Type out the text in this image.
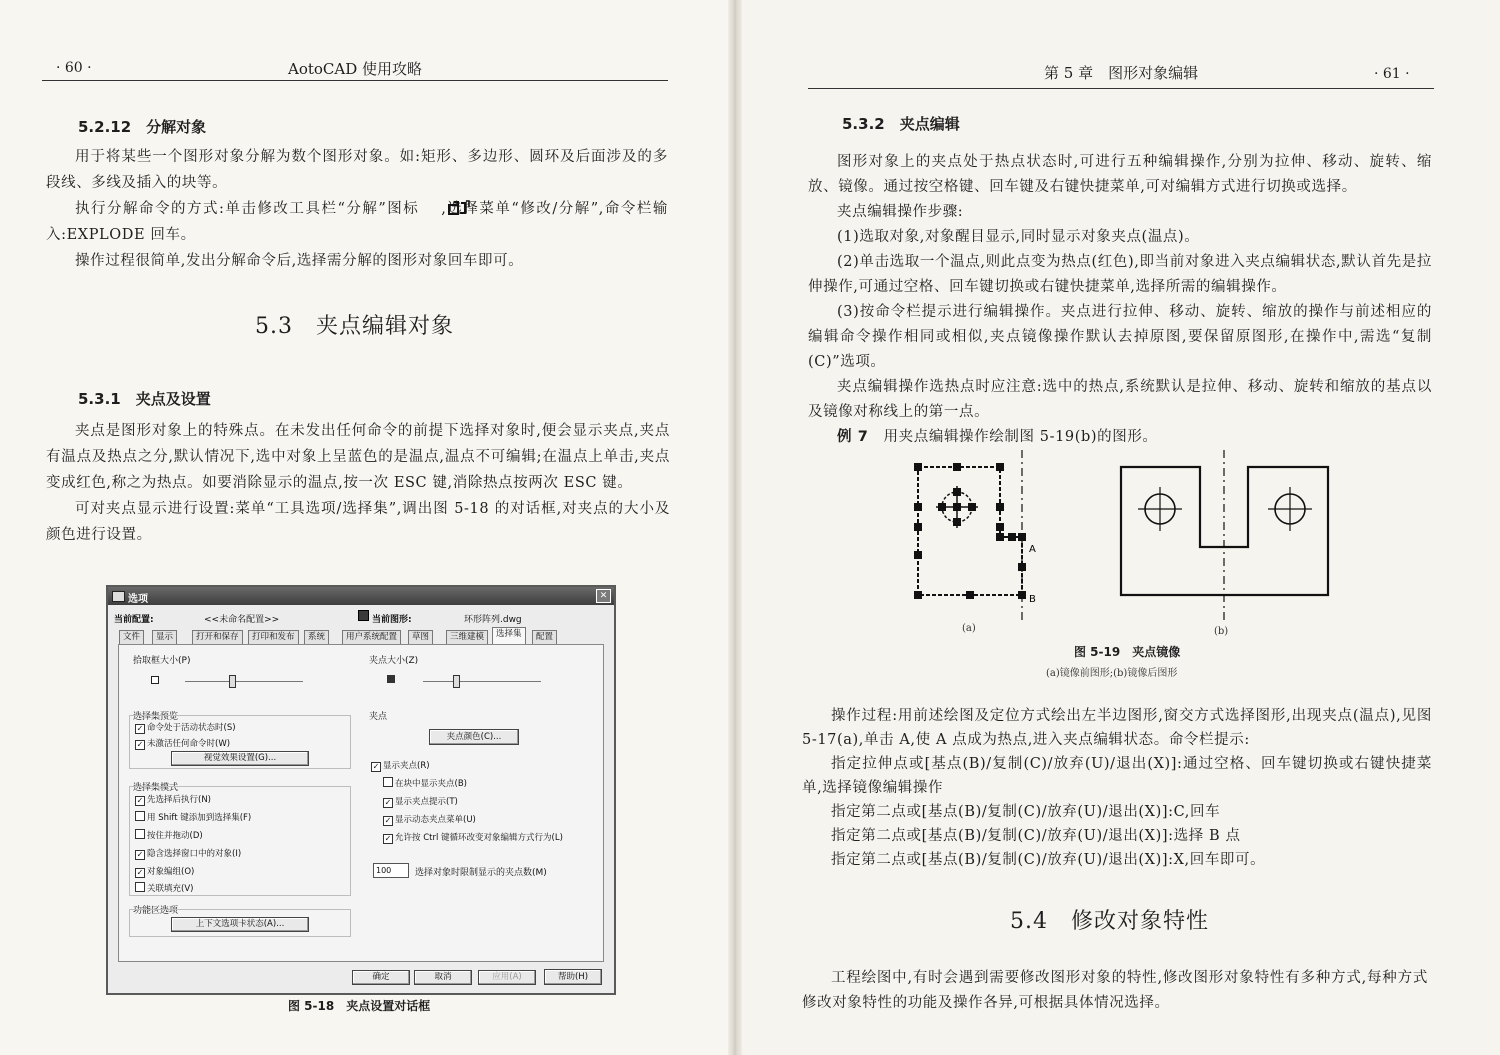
· 60 ·	AotoCAD 使用攻略
5.2.12　分解对象

用于将某些一个图形对象分解为数个图形对象。如:矩形、多边形、圆环及后面涉及的多段线、多线及插入的块等。

执行分解命令的方式:单击修改工具栏“分解”图标 ,选择菜单“修改/分解”,命令栏输入:EXPLODE 回车。

操作过程很简单,发出分解命令后,选择需分解的图形对象回车即可。

5.3　夹点编辑对象
5.3.1　夹点及设置

夹点是图形对象上的特殊点。在未发出任何命令的前提下选择对象时,便会显示夹点,夹点有温点及热点之分,默认情况下,选中对象上呈蓝色的是温点,温点不可编辑;在温点上单击,夹点变成红色,称之为热点。如要消除显示的温点,按一次 ESC 键,消除热点按两次 ESC 键。

可对夹点显示进行设置:菜单“工具选项/选择集”,调出图 5-18 的对话框,对夹点的大小及颜色进行设置。

选项	✕
当前配置:	<<未命名配置>>	当前图形:	环形阵列.dwg
文件	显示	打开和保存	打印和发布	系统	用户系统配置	草图	三维建模	选择集	配置
拾取框大小(P)
选择集预览
✓ 命令处于活动状态时(S)
✓ 未激活任何命令时(W)
视觉效果设置(G)...
选择集模式
✓ 先选择后执行(N)
用 Shift 键添加到选择集(F)
按住并拖动(D)
✓ 隐含选择窗口中的对象(I)
✓ 对象编组(O)
关联填充(V)
功能区选项
上下文选项卡状态(A)...
夹点大小(Z)
夹点
夹点颜色(C)...
✓ 显示夹点(R)
在块中显示夹点(B)
✓ 显示夹点提示(T)
✓ 显示动态夹点菜单(U)
✓ 允许按 Ctrl 键循环改变对象编辑方式行为(L)
100	选择对象时限制显示的夹点数(M)
确定	取消	应用(A)	帮助(H)
图 5-18　夹点设置对话框
第 5 章　图形对象编辑	· 61 ·
5.3.2　夹点编辑

图形对象上的夹点处于热点状态时,可进行五种编辑操作,分别为拉伸、移动、旋转、缩放、镜像。通过按空格键、回车键及右键快捷菜单,可对编辑方式进行切换或选择。

夹点编辑操作步骤:

(1)选取对象,对象醒目显示,同时显示对象夹点(温点)。

(2)单击选取一个温点,则此点变为热点(红色),即当前对象进入夹点编辑状态,默认首先是拉伸操作,可通过空格、回车键切换或右键快捷菜单,选择所需的编辑操作。

(3)按命令栏提示进行编辑操作。夹点进行拉伸、移动、旋转、缩放的操作与前述相应的编辑命令操作相同或相似,夹点镜像操作默认去掉原图,要保留原图形,在操作中,需选“复制(C)”选项。

夹点编辑操作选热点时应注意:选中的热点,系统默认是拉伸、移动、旋转和缩放的基点以及镜像对称线上的第一点。

例 7　 用夹点编辑操作绘制图 5-19(b)的图形。

A
B
(a)	(b)
图 5-19　夹点镜像
(a)镜像前图形;(b)镜像后图形

操作过程:用前述绘图及定位方式绘出左半边图形,窗交方式选择图形,出现夹点(温点),见图 5-17(a),单击 A,使 A 点成为热点,进入夹点编辑状态。命令栏提示:

指定拉伸点或[基点(B)/复制(C)/放弃(U)/退出(X)]:通过空格、回车键切换或右键快捷菜单,选择镜像编辑操作

指定第二点或[基点(B)/复制(C)/放弃(U)/退出(X)]:C,回车

指定第二点或[基点(B)/复制(C)/放弃(U)/退出(X)]:选择 B 点

指定第二点或[基点(B)/复制(C)/放弃(U)/退出(X)]:X,回车即可。

5.4　修改对象特性

工程绘图中,有时会遇到需要修改图形对象的特性,修改图形对象特性有多种方式,每种方式修改对象特性的功能及操作各异,可根据具体情况选择。
